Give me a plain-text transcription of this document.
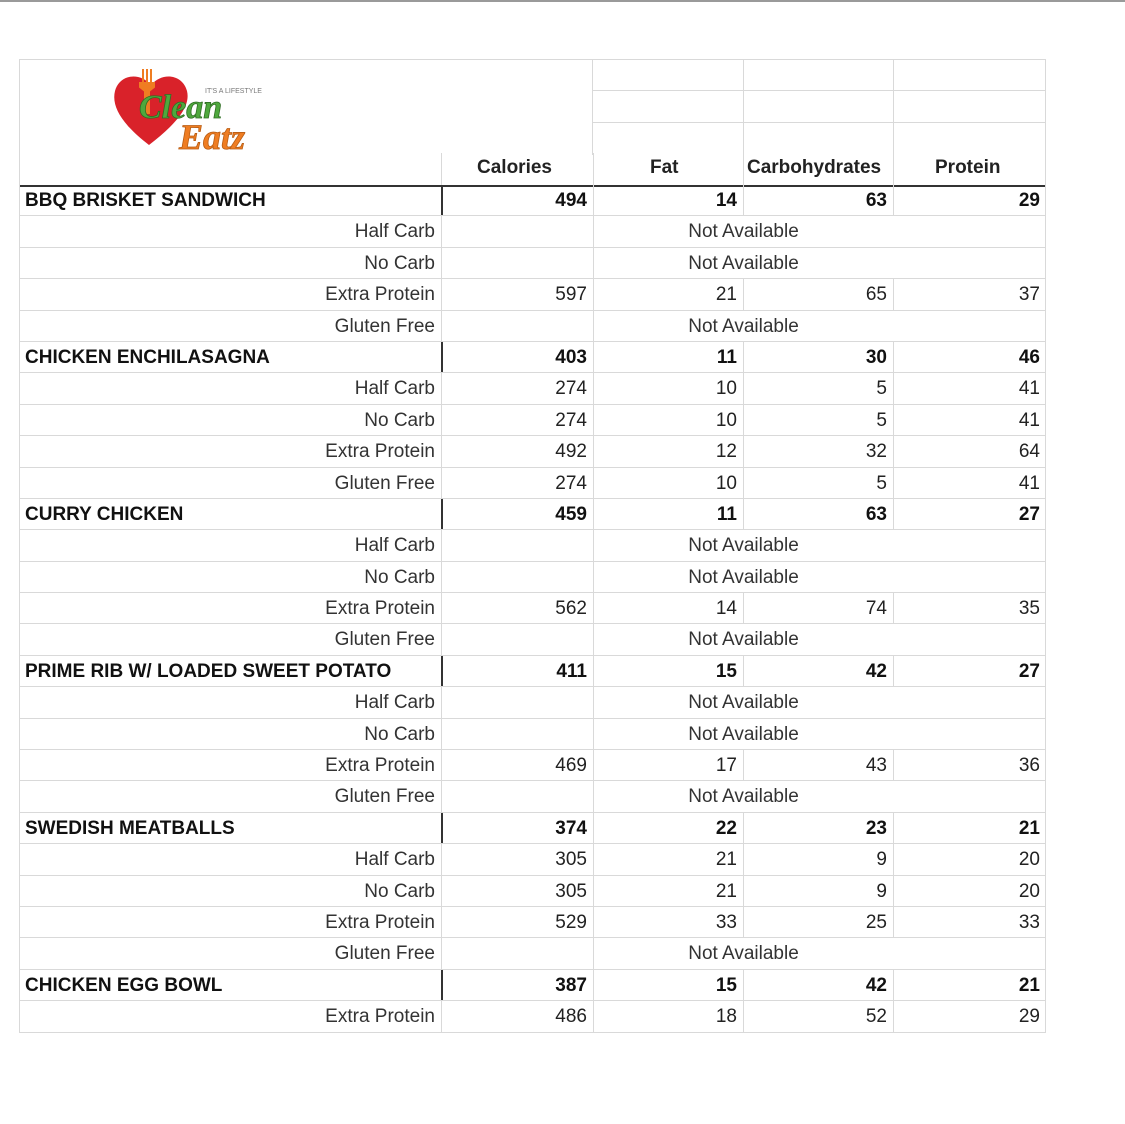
IT'S A LIFESTYLE
Clean
Eatz
Calories	Fat	Carbohydrates	Protein
BBQ BRISKET SANDWICH	494	14	63	29
Half Carb	Not Available
No Carb	Not Available
Extra Protein	597	21	65	37
Gluten Free	Not Available
CHICKEN ENCHILASAGNA	403	11	30	46
Half Carb	274	10	5	41
No Carb	274	10	5	41
Extra Protein	492	12	32	64
Gluten Free	274	10	5	41
CURRY CHICKEN	459	11	63	27
Half Carb	Not Available
No Carb	Not Available
Extra Protein	562	14	74	35
Gluten Free	Not Available
PRIME RIB W/ LOADED SWEET POTATO	411	15	42	27
Half Carb	Not Available
No Carb	Not Available
Extra Protein	469	17	43	36
Gluten Free	Not Available
SWEDISH MEATBALLS	374	22	23	21
Half Carb	305	21	9	20
No Carb	305	21	9	20
Extra Protein	529	33	25	33
Gluten Free	Not Available
CHICKEN EGG BOWL	387	15	42	21
Extra Protein	486	18	52	29
